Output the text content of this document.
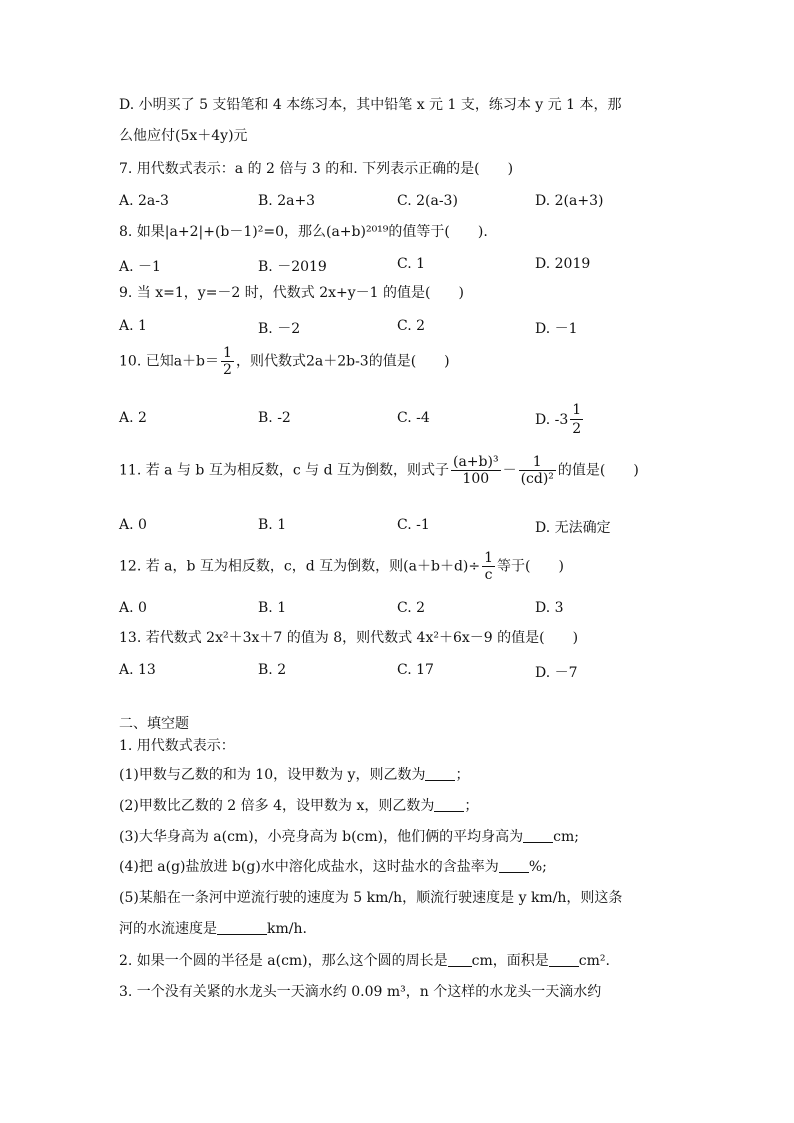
D. 小明买了 5 支铅笔和 4 本练习本，其中铅笔 x 元 1 支，练习本 y 元 1 本，那
么他应付(5x＋4y)元
7. 用代数式表示：a 的 2 倍与 3 的和. 下列表示正确的是(　　)
A. 2a-3	B. 2a+3	C. 2(a-3)	D. 2(a+3)
8. 如果|a+2|+(b－1)²=0，那么(a+b)²⁰¹⁹的值等于(　　).
A. －1	B. －2019	C. 1	D. 2019
9. 当 x=1，y=－2 时，代数式 2x+y－1 的值是(　　)
A. 1	B. －2	C. 2	D. －1
10. 已知$a+b= \frac{1}{2}$ ，则代数式2a＋2b-3的值是(　　)
A. 2	B. -2	C. -4	D. $-3 \frac{1}{2}$
11. 若 a 与 b 互为相反数，c 与 d 互为倒数，则式子 $\frac{\text{(a+b)³}}{100} - \frac{1}{\text{(cd)²}}$ 的值是(　　)
A. 0	B. 1	C. -1	D. 无法确定
12. 若 a，b 互为相反数，c，d 互为倒数，则$(a+b+d)\div \frac{1}{c}$ 等于(　　)
A. 0	B. 1	C. 2	D. 3
13. 若代数式 2x²＋3x＋7 的值为 8，则代数式 4x²＋6x－9 的值是(　　)
A. 13	B. 2	C. 17	D. －7
二、填空题
1. 用代数式表示：
(1)甲数与乙数的和为 10，设甲数为 y，则乙数为 ；
(2)甲数比乙数的 2 倍多 4，设甲数为 x，则乙数为 ；
(3)大华身高为 a(cm)，小亮身高为 b(cm)，他们俩的平均身高为 cm;
(4)把 a(g)盐放进 b(g)水中溶化成盐水，这时盐水的含盐率为 %;
(5)某船在一条河中逆流行驶的速度为 5 km/h，顺流行驶速度是 y km/h，则这条
河的水流速度是	km/h.
2. 如果一个圆的半径是 a(cm)，那么这个圆的周长是 cm，面积是 cm².
3. 一个没有关紧的水龙头一天滴水约 0.09 m³，n 个这样的水龙头一天滴水约
